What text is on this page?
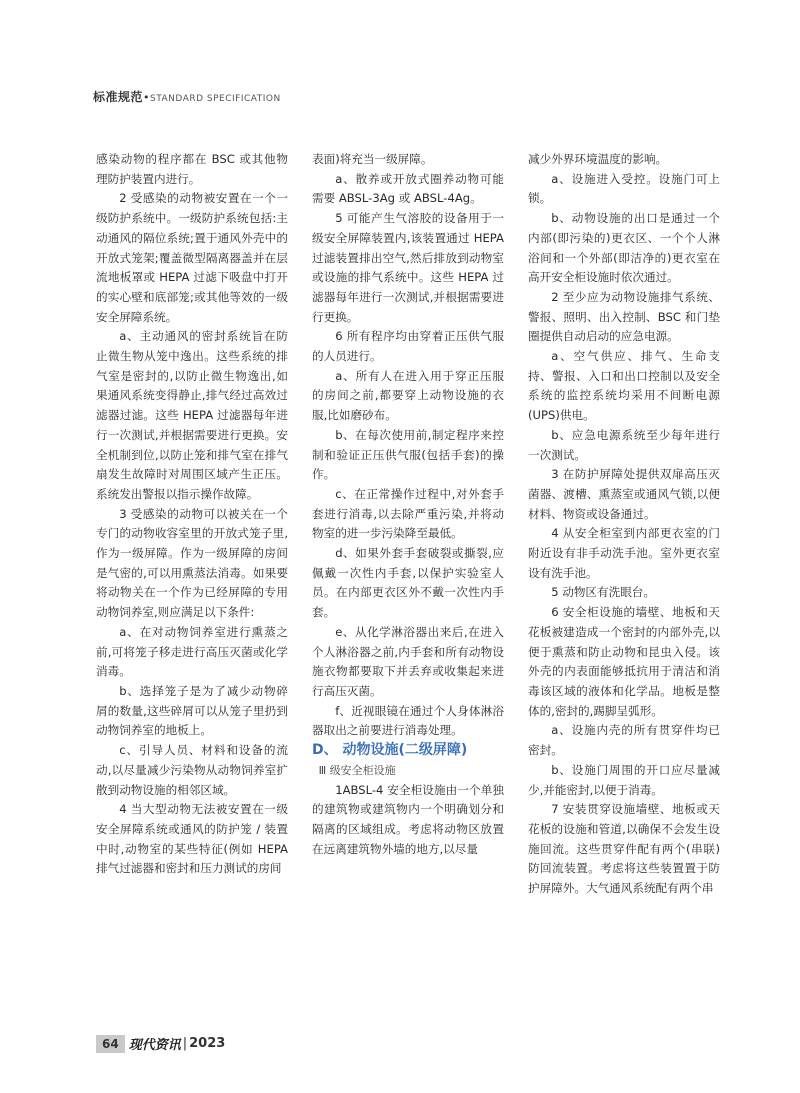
标准规范•STANDARD SPECIFICATION

感染动物的程序都在 BSC 或其他物理防护装置内进行。

2 受感染的动物被安置在一个一级防护系统中。一级防护系统包括:主动通风的隔位系统;置于通风外壳中的开放式笼架;覆盖微型隔离器盖并在层流地板罩或 HEPA 过滤下吸盘中打开的实心壁和底部笼;或其他等效的一级安全屏障系统。

a、主动通风的密封系统旨在防止微生物从笼中逸出。这些系统的排气室是密封的,以防止微生物逸出,如果通风系统变得静止,排气经过高效过滤器过滤。这些 HEPA 过滤器每年进行一次测试,并根据需要进行更换。安全机制到位,以防止笼和排气室在排气扇发生故障时对周围区域产生正压。系统发出警报以指示操作故障。

3 受感染的动物可以被关在一个专门的动物收容室里的开放式笼子里,作为一级屏障。作为一级屏障的房间是气密的,可以用熏蒸法消毒。如果要将动物关在一个作为已经屏障的专用动物饲养室,则应满足以下条件:

a、在对动物饲养室进行熏蒸之前,可将笼子移走进行高压灭菌或化学消毒。

b、选择笼子是为了减少动物碎屑的数量,这些碎屑可以从笼子里扔到动物饲养室的地板上。

c、引导人员、材料和设备的流动,以尽量减少污染物从动物饲养室扩散到动物设施的相邻区域。

4 当大型动物无法被安置在一级安全屏障系统或通风的防护笼 / 装置中时,动物室的某些特征(例如 HEPA 排气过滤器和密封和压力测试的房间

表面)将充当一级屏障。

a、散养或开放式圈养动物可能需要 ABSL-3Ag 或 ABSL-4Ag。

5 可能产生气溶胶的设备用于一级安全屏障装置内,该装置通过 HEPA 过滤装置排出空气,然后排放到动物室或设施的排气系统中。这些 HEPA 过滤器每年进行一次测试,并根据需要进行更换。

6 所有程序均由穿着正压供气服的人员进行。

a、所有人在进入用于穿正压服的房间之前,都要穿上动物设施的衣服,比如磨砂布。

b、在每次使用前,制定程序来控制和验证正压供气服(包括手套)的操作。

c、在正常操作过程中,对外套手套进行消毒,以去除严重污染,并将动物室的进一步污染降至最低。

d、如果外套手套破裂或撕裂,应佩戴一次性内手套,以保护实验室人员。在内部更衣区外不戴一次性内手套。

e、从化学淋浴器出来后,在进入个人淋浴器之前,内手套和所有动物设施衣物都要取下并丢弃或收集起来进行高压灭菌。

f、近视眼镜在通过个人身体淋浴器取出之前要进行消毒处理。

D、 动物设施(二级屏障)

Ⅲ 级安全柜设施

1ABSL-4 安全柜设施由一个单独的建筑物或建筑物内一个明确划分和隔离的区域组成。考虑将动物区放置在远离建筑物外墙的地方,以尽量

减少外界环境温度的影响。

a、设施进入受控。设施门可上锁。

b、动物设施的出口是通过一个内部(即污染的)更衣区、一个个人淋浴间和一个外部(即洁净的)更衣室在高开安全柜设施时依次通过。

2 至少应为动物设施排气系统、警报、照明、出入控制、BSC 和门垫圈提供自动启动的应急电源。

a、空气供应、排气、生命支持、警报、入口和出口控制以及安全系统的监控系统均采用不间断电源(UPS)供电。

b、应急电源系统至少每年进行一次测试。

3 在防护屏障处提供双扉高压灭菌器、渡槽、熏蒸室或通风气锁,以便材料、物资或设备通过。

4 从安全柜室到内部更衣室的门附近设有非手动洗手池。室外更衣室设有洗手池。

5 动物区有洗眼台。

6 安全柜设施的墙壁、地板和天花板被建造成一个密封的内部外壳,以便于熏蒸和防止动物和昆虫入侵。该外壳的内表面能够抵抗用于清洁和消毒该区域的液体和化学品。地板是整体的,密封的,踢脚呈弧形。

a、设施内壳的所有贯穿件均已密封。

b、设施门周围的开口应尽量减少,并能密封,以便于消毒。

7 安装贯穿设施墙壁、地板或天花板的设施和管道,以确保不会发生设施回流。这些贯穿件配有两个(串联)防回流装置。考虑将这些装置置于防护屏障外。大气通风系统配有两个串

64 现代资讯 | 2023
